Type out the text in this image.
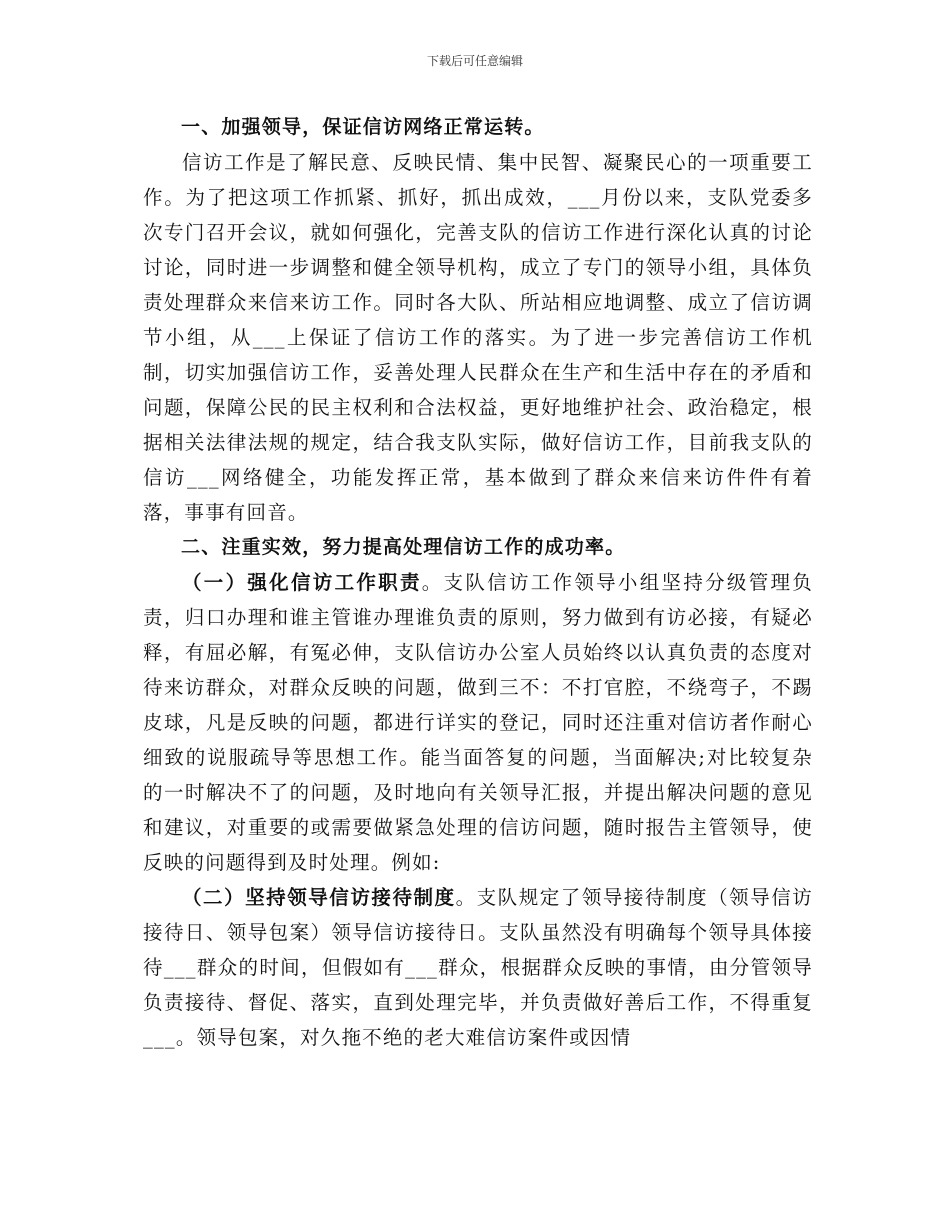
下载后可任意编辑

一、加强领导，保证信访网络正常运转。

信访工作是了解民意、反映民情、集中民智、凝聚民心的一项重要工作。为了把这项工作抓紧、抓好，抓出成效，___月份以来，支队党委多次专门召开会议，就如何强化，完善支队的信访工作进行深化认真的讨论讨论，同时进一步调整和健全领导机构，成立了专门的领导小组，具体负责处理群众来信来访工作。同时各大队、所站相应地调整、成立了信访调节小组，从___上保证了信访工作的落实。为了进一步完善信访工作机制，切实加强信访工作，妥善处理人民群众在生产和生活中存在的矛盾和问题，保障公民的民主权利和合法权益，更好地维护社会、政治稳定，根据相关法律法规的规定，结合我支队实际，做好信访工作，目前我支队的信访___网络健全，功能发挥正常，基本做到了群众来信来访件件有着落，事事有回音。

二、注重实效，努力提高处理信访工作的成功率。

（一）强化信访工作职责。支队信访工作领导小组坚持分级管理负责，归口办理和谁主管谁办理谁负责的原则，努力做到有访必接，有疑必释，有屈必解，有冤必伸，支队信访办公室人员始终以认真负责的态度对待来访群众，对群众反映的问题，做到三不：不打官腔，不绕弯子，不踢皮球，凡是反映的问题，都进行详实的登记，同时还注重对信访者作耐心细致的说服疏导等思想工作。能当面答复的问题，当面解决;对比较复杂的一时解决不了的问题，及时地向有关领导汇报，并提出解决问题的意见和建议，对重要的或需要做紧急处理的信访问题，随时报告主管领导，使反映的问题得到及时处理。例如:

（二）坚持领导信访接待制度。支队规定了领导接待制度（领导信访接待日、领导包案）领导信访接待日。支队虽然没有明确每个领导具体接待___群众的时间，但假如有___群众，根据群众反映的事情，由分管领导负责接待、督促、落实，直到处理完毕，并负责做好善后工作，不得重复___。领导包案，对久拖不绝的老大难信访案件或因情
